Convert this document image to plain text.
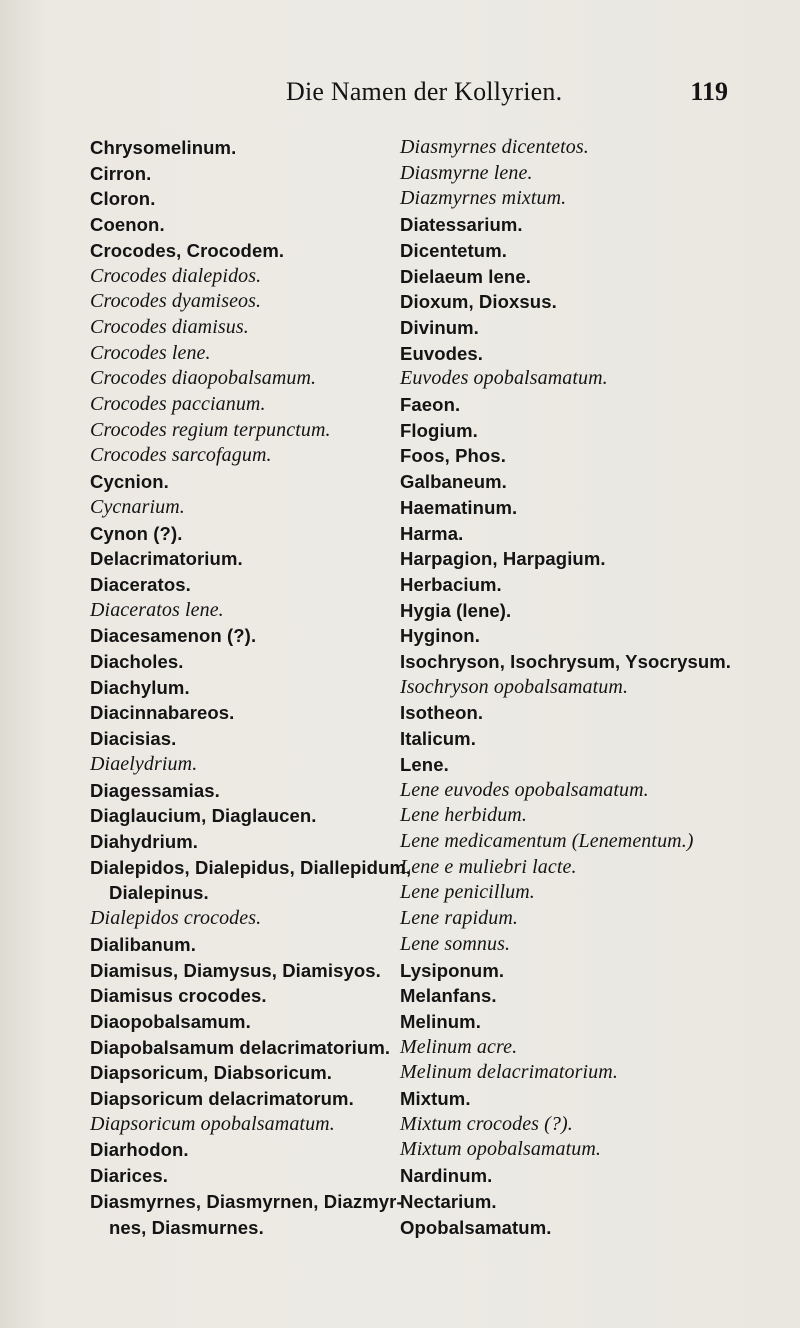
Die Namen der Kollyrien.	119
Chrysomelinum.
Cirron.
Cloron.
Coenon.
Crocodes, Crocodem.
Crocodes dialepidos.
Crocodes dyamiseos.
Crocodes diamisus.
Crocodes lene.
Crocodes diaopobalsamum.
Crocodes paccianum.
Crocodes regium terpunctum.
Crocodes sarcofagum.
Cycnion.
Cycnarium.
Cynon (?).
Delacrimatorium.
Diaceratos.
Diaceratos lene.
Diacesamenon (?).
Diacholes.
Diachylum.
Diacinnabareos.
Diacisias.
Diaelydrium.
Diagessamias.
Diaglaucium, Diaglaucen.
Diahydrium.
Dialepidos, Dialepidus, Diallepidum,
Dialepinus.
Dialepidos crocodes.
Dialibanum.
Diamisus, Diamysus, Diamisyos.
Diamisus crocodes.
Diaopobalsamum.
Diapobalsamum delacrimatorium.
Diapsoricum, Diabsoricum.
Diapsoricum delacrimatorum.
Diapsoricum opobalsamatum.
Diarhodon.
Diarices.
Diasmyrnes, Diasmyrnen, Diazmyr-
nes, Diasmurnes.
Diasmyrnes dicentetos.
Diasmyrne lene.
Diazmyrnes mixtum.
Diatessarium.
Dicentetum.
Dielaeum lene.
Dioxum, Dioxsus.
Divinum.
Euvodes.
Euvodes opobalsamatum.
Faeon.
Flogium.
Foos, Phos.
Galbaneum.
Haematinum.
Harma.
Harpagion, Harpagium.
Herbacium.
Hygia (lene).
Hyginon.
Isochryson, Isochrysum, Ysocrysum.
Isochryson opobalsamatum.
Isotheon.
Italicum.
Lene.
Lene euvodes opobalsamatum.
Lene herbidum.
Lene medicamentum (Lenementum.)
Lene e muliebri lacte.
Lene penicillum.
Lene rapidum.
Lene somnus.
Lysiponum.
Melanfans.
Melinum.
Melinum acre.
Melinum delacrimatorium.
Mixtum.
Mixtum crocodes (?).
Mixtum opobalsamatum.
Nardinum.
Nectarium.
Opobalsamatum.
